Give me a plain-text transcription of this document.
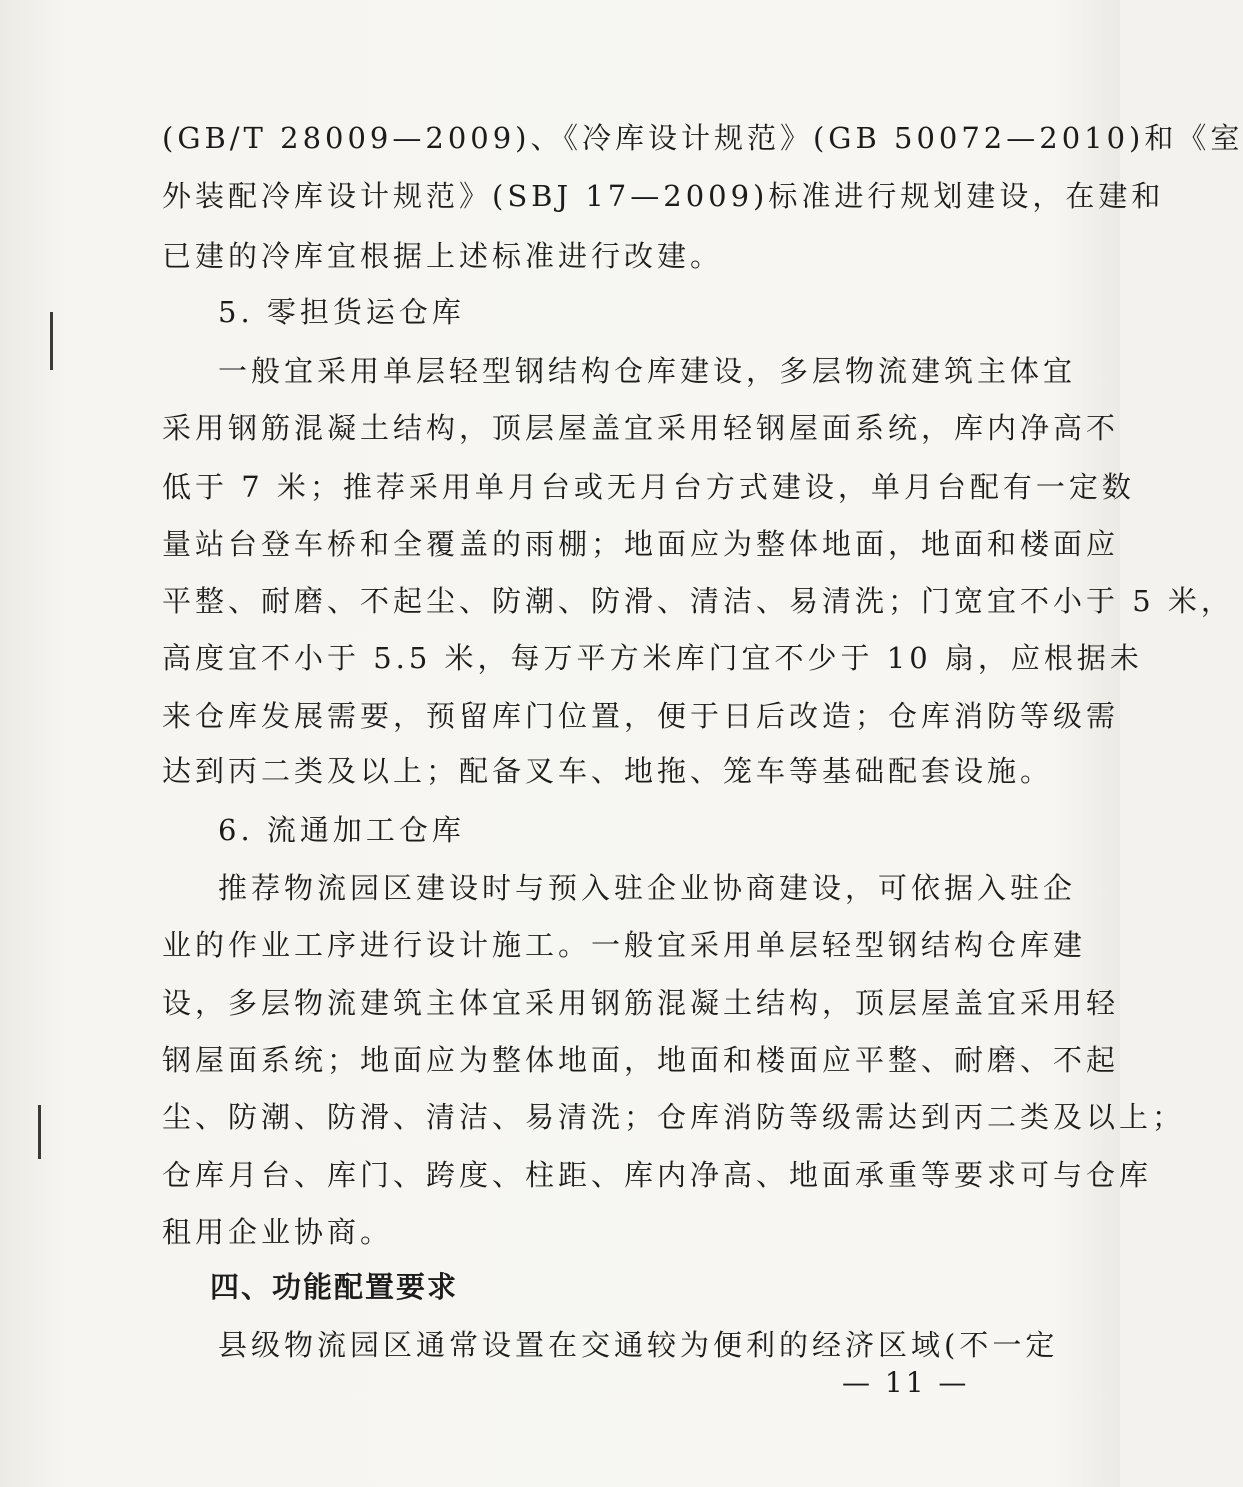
(GB/T 28009—2009)、《冷库设计规范》(GB 50072—2010)和《室
外装配冷库设计规范》(SBJ 17—2009)标准进行规划建设，在建和
已建的冷库宜根据上述标准进行改建。
5. 零担货运仓库
一般宜采用单层轻型钢结构仓库建设，多层物流建筑主体宜
采用钢筋混凝土结构，顶层屋盖宜采用轻钢屋面系统，库内净高不
低于 7 米；推荐采用单月台或无月台方式建设，单月台配有一定数
量站台登车桥和全覆盖的雨棚；地面应为整体地面，地面和楼面应
平整、耐磨、不起尘、防潮、防滑、清洁、易清洗；门宽宜不小于 5 米，
高度宜不小于 5.5 米，每万平方米库门宜不少于 10 扇，应根据未
来仓库发展需要，预留库门位置，便于日后改造；仓库消防等级需
达到丙二类及以上；配备叉车、地拖、笼车等基础配套设施。
6. 流通加工仓库
推荐物流园区建设时与预入驻企业协商建设，可依据入驻企
业的作业工序进行设计施工。一般宜采用单层轻型钢结构仓库建
设，多层物流建筑主体宜采用钢筋混凝土结构，顶层屋盖宜采用轻
钢屋面系统；地面应为整体地面，地面和楼面应平整、耐磨、不起
尘、防潮、防滑、清洁、易清洗；仓库消防等级需达到丙二类及以上；
仓库月台、库门、跨度、柱距、库内净高、地面承重等要求可与仓库
租用企业协商。
四、功能配置要求
县级物流园区通常设置在交通较为便利的经济区域(不一定
— 11 —
